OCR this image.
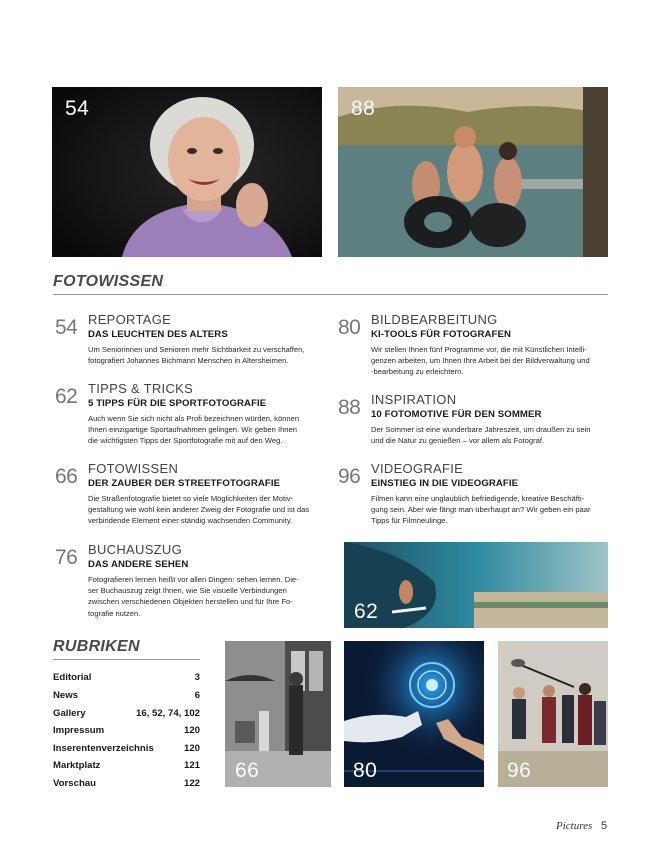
54	88
FOTOWISSEN
54 REPORTAGE
DAS LEUCHTEN DES ALTERS
Um Seniorinnen und Senioren mehr Sichtbarkeit zu verschaffen,
fotografiert Johannes Bichmann Menschen in Altersheimen.
80 BILDBEARBEITUNG
KI-TOOLS FÜR FOTOGRAFEN
Wir stellen Ihnen fünf Programme vor, die mit Künstlichen Intelli-
genzen arbeiten, um Ihnen Ihre Arbeit bei der Bildverwaltung und
-bearbeitung zu erleichtern.
62 TIPPS & TRICKS
5 TIPPS FÜR DIE SPORTFOTOGRAFIE
Auch wenn Sie sich nicht als Profi bezeichnen würden, können
Ihnen einzigartige Sportaufnahmen gelingen. Wir geben Ihnen
die wichtigsten Tipps der Sportfotografie mit auf den Weg.
88 INSPIRATION
10 FOTOMOTIVE FÜR DEN SOMMER
Der Sommer ist eine wunderbare Jahreszeit, um draußen zu sein
und die Natur zu genießen – vor allem als Fotograf.
66 FOTOWISSEN
DER ZAUBER DER STREETFOTOGRAFIE
Die Straßenfotografie bietet so viele Möglichkeiten der Motiv-
gestaltung wie wohl kein anderer Zweig der Fotografie und ist das
verbindende Element einer ständig wachsenden Community.
96 VIDEOGRAFIE
EINSTIEG IN DIE VIDEOGRAFIE
Filmen kann eine unglaublich befriedigende, kreative Beschäfti-
gung sein. Aber wie fängt man überhaupt an? Wir geben ein paar
Tipps für Filmneulinge.
76 BUCHAUSZUG
DAS ANDERE SEHEN
Fotografieren lernen heißt vor allen Dingen: sehen lernen. Die-
ser Buchauszug zeigt Ihnen, wie Sie visuelle Verbindungen
zwischen verschiedenen Objekten herstellen und für Ihre Fo-
tografie nutzen.	62
RUBRIKEN
Editorial	3
News	6
Gallery	16, 52, 74, 102
Impressum	120
Inserentenverzeichnis	120
Marktplatz	121
Vorschau	122
66	80	96
Pictures 5
